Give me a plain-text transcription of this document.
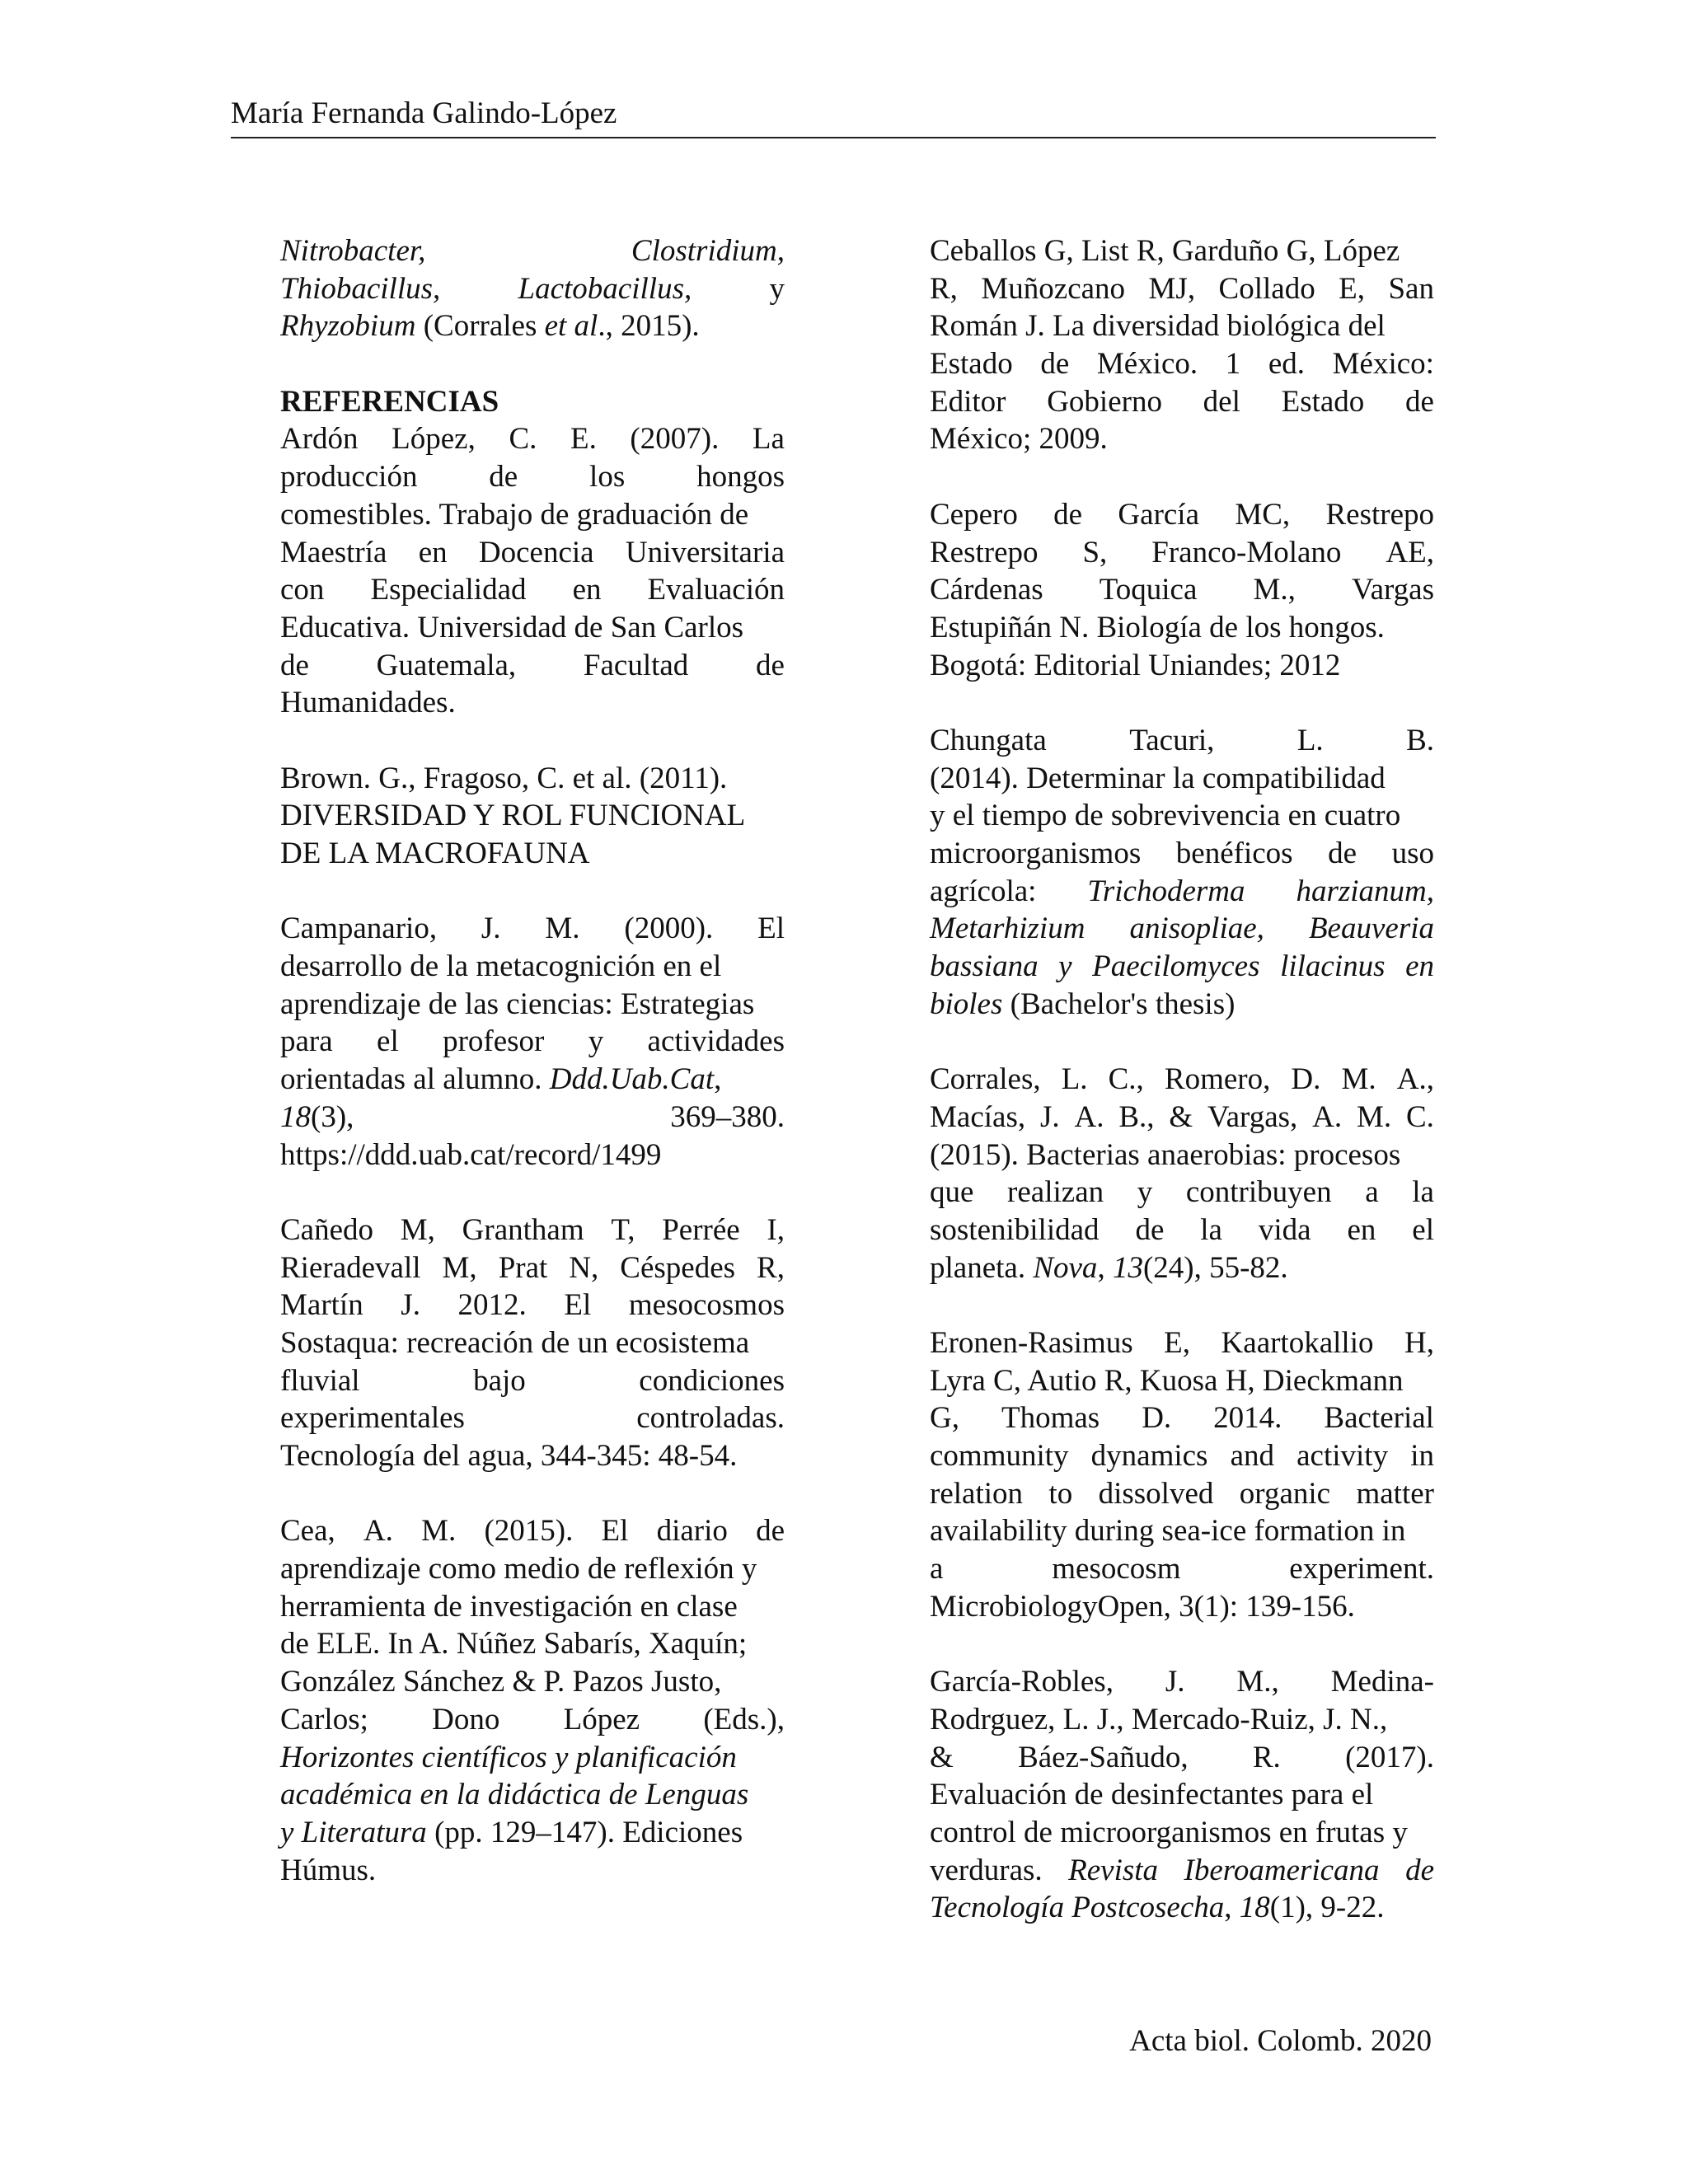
María Fernanda Galindo-López
Nitrobacter,	Clostridium,
Thiobacillus,	Lactobacillus,	y
Rhyzobium (Corrales et al., 2015).
REFERENCIAS
Ardón López, C. E. (2007). La
producción de los hongos
comestibles. Trabajo de graduación de
Maestría en Docencia Universitaria
con Especialidad en Evaluación
Educativa. Universidad de San Carlos
de Guatemala, Facultad de
Humanidades.
Brown. G., Fragoso, C. et al. (2011).
DIVERSIDAD Y ROL FUNCIONAL
DE LA MACROFAUNA
Campanario, J. M. (2000). El
desarrollo de la metacognición en el
aprendizaje de las ciencias: Estrategias
para el profesor y actividades
orientadas al alumno. Ddd.Uab.Cat,
18(3),	369–380.
https://ddd.uab.cat/record/1499
Cañedo M, Grantham T, Perrée I,
Rieradevall M, Prat N, Céspedes R,
Martín J. 2012. El mesocosmos
Sostaqua: recreación de un ecosistema
fluvial	bajo	condiciones
experimentales	controladas.
Tecnología del agua, 344-345: 48-54.
Cea, A. M. (2015). El diario de
aprendizaje como medio de reflexión y
herramienta de investigación en clase
de ELE. In A. Núñez Sabarís, Xaquín;
González Sánchez & P. Pazos Justo,
Carlos; Dono López (Eds.),
Horizontes científicos y planificación
académica en la didáctica de Lenguas
y Literatura (pp. 129–147). Ediciones
Húmus.
Ceballos G, List R, Garduño G, López
R, Muñozcano MJ, Collado E, San
Román J. La diversidad biológica del
Estado de México. 1 ed. México:
Editor Gobierno del Estado de
México; 2009.
Cepero de García MC, Restrepo
Restrepo S, Franco-Molano AE,
Cárdenas Toquica M., Vargas
Estupiñán N. Biología de los hongos.
Bogotá: Editorial Uniandes; 2012
Chungata	Tacuri,	L.	B.
(2014). Determinar la compatibilidad
y el tiempo de sobrevivencia en cuatro
microorganismos benéficos de uso
agrícola: Trichoderma harzianum,
Metarhizium anisopliae, Beauveria
bassiana y Paecilomyces lilacinus en
bioles (Bachelor's thesis)
Corrales, L. C., Romero, D. M. A.,
Macías, J. A. B., & Vargas, A. M. C.
(2015). Bacterias anaerobias: procesos
que realizan y contribuyen a la
sostenibilidad de la vida en el
planeta. Nova, 13(24), 55-82.
Eronen-Rasimus E, Kaartokallio H,
Lyra C, Autio R, Kuosa H, Dieckmann
G, Thomas D. 2014. Bacterial
community dynamics and activity in
relation to dissolved organic matter
availability during sea-ice formation in
a	mesocosm	experiment.
MicrobiologyOpen, 3(1): 139-156.
García-Robles, J. M., Medina-
Rodrguez, L. J., Mercado-Ruiz, J. N.,
& Báez-Sañudo, R. (2017).
Evaluación de desinfectantes para el
control de microorganismos en frutas y
verduras. Revista Iberoamericana de
Tecnología Postcosecha, 18(1), 9-22.
Acta biol. Colomb. 2020
